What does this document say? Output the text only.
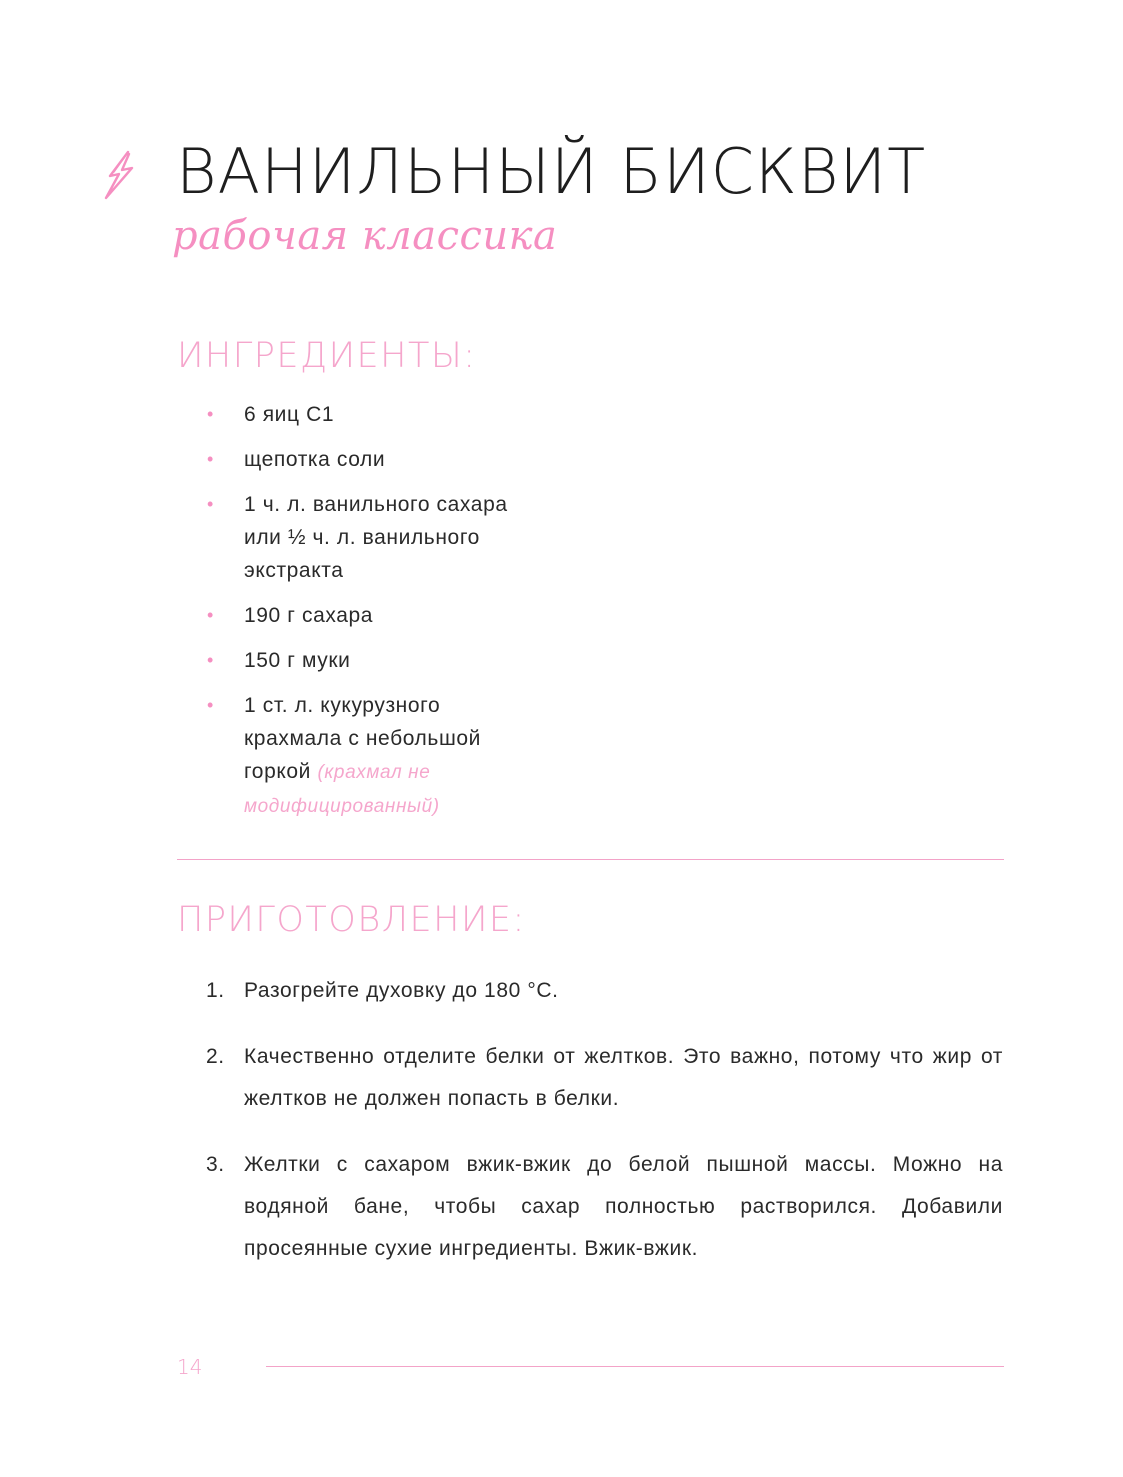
ВАНИЛЬНЫЙ БИСКВИТ
рабочая классика
ИНГРЕДИЕНТЫ:
• 6 яиц С1
• щепотка соли
• 1 ч. л. ванильного сахара или ½ ч. л. ванильного экстракта
• 190 г сахара
• 150 г муки
• 1 ст. л. кукурузного крахмала с небольшой горкой (крахмал не модифицированный)
ПРИГОТОВЛЕНИЕ:
1. Разогрейте духовку до 180 °С.
2. Качественно отделите белки от желтков. Это важно, потому что жир от желтков не должен попасть в белки.
3. Желтки с сахаром вжик-вжик до белой пышной массы. Можно на водяной бане, чтобы сахар полностью растворился. Добавили просеянные сухие ингредиенты. Вжик-вжик.
14
